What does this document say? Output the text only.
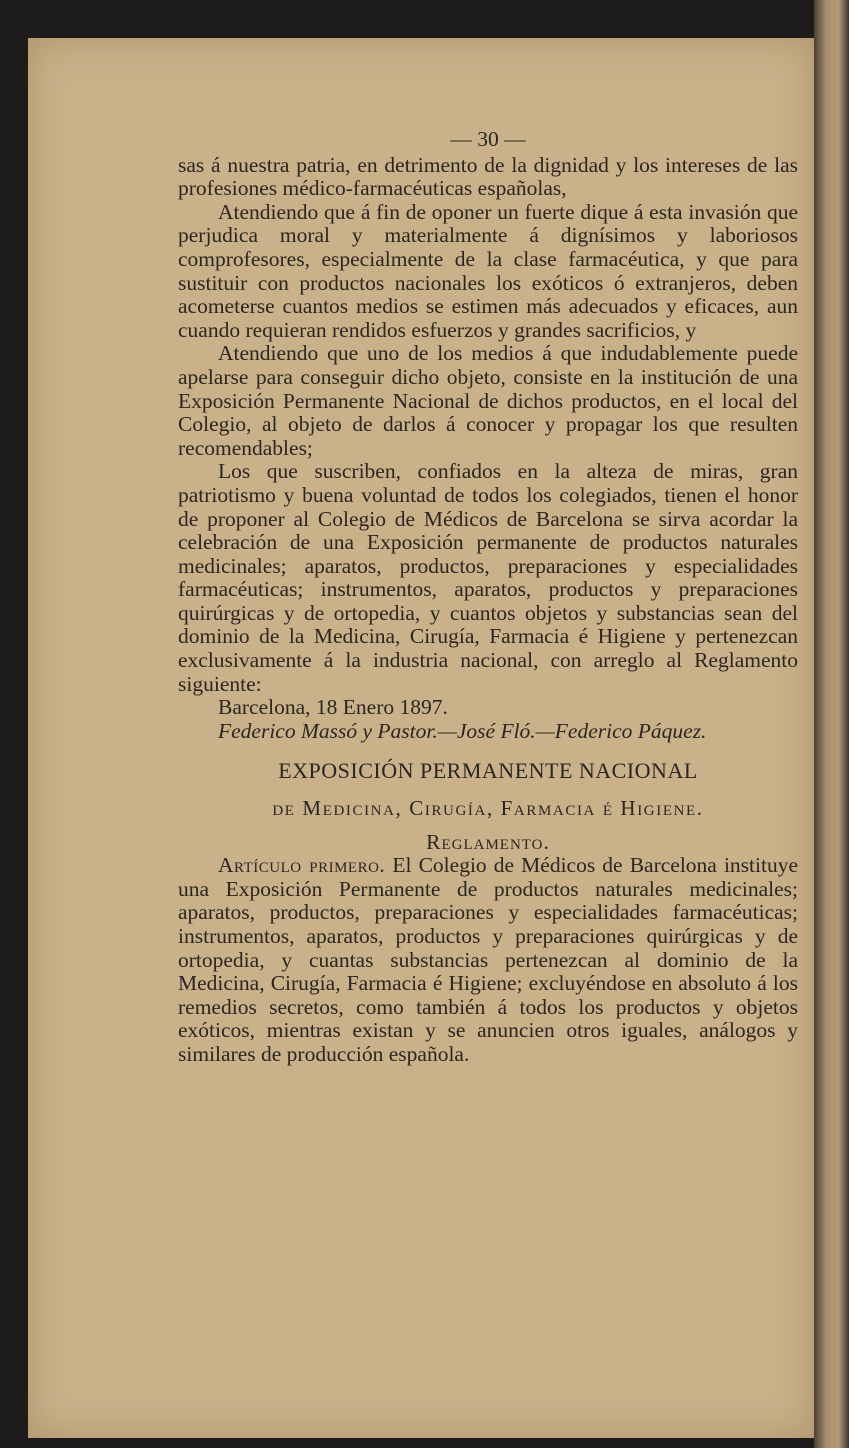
— 30 —

sas á nuestra patria, en detrimento de la dignidad y los intereses de las profesiones médico-farmacéuticas españolas,

Atendiendo que á fin de oponer un fuerte dique á esta invasión que perjudica moral y materialmente á dignísimos y laboriosos comprofesores, especialmente de la clase farmacéutica, y que para sustituir con productos nacionales los exóticos ó extranjeros, deben acometerse cuantos medios se estimen más adecuados y eficaces, aun cuando requieran rendidos esfuerzos y grandes sacrificios, y

Atendiendo que uno de los medios á que indudablemente puede apelarse para conseguir dicho objeto, consiste en la institución de una Exposición Permanente Nacional de dichos productos, en el local del Colegio, al objeto de darlos á conocer y propagar los que resulten recomendables;

Los que suscriben, confiados en la alteza de miras, gran patriotismo y buena voluntad de todos los colegiados, tienen el honor de proponer al Colegio de Médicos de Barcelona se sirva acordar la celebración de una Exposición permanente de productos naturales medicinales; aparatos, productos, preparaciones y especialidades farmacéuticas; instrumentos, aparatos, productos y preparaciones quirúrgicas y de ortopedia, y cuantos objetos y substancias sean del dominio de la Medicina, Cirugía, Farmacia é Higiene y pertenezcan exclusivamente á la industria nacional, con arreglo al Reglamento siguiente:

Barcelona, 18 Enero 1897.

Federico Massó y Pastor.—José Fló.—Federico Páquez.

EXPOSICIÓN PERMANENTE NACIONAL
de Medicina, Cirugía, Farmacia é Higiene.
Reglamento.

Artículo primero. El Colegio de Médicos de Barcelona instituye una Exposición Permanente de productos naturales medicinales; aparatos, productos, preparaciones y especialidades farmacéuticas; instrumentos, aparatos, productos y preparaciones quirúrgicas y de ortopedia, y cuantas substancias pertenezcan al dominio de la Medicina, Cirugía, Farmacia é Higiene; excluyéndose en absoluto á los remedios secretos, como también á todos los productos y objetos exóticos, mientras existan y se anuncien otros iguales, análogos y similares de producción española.
